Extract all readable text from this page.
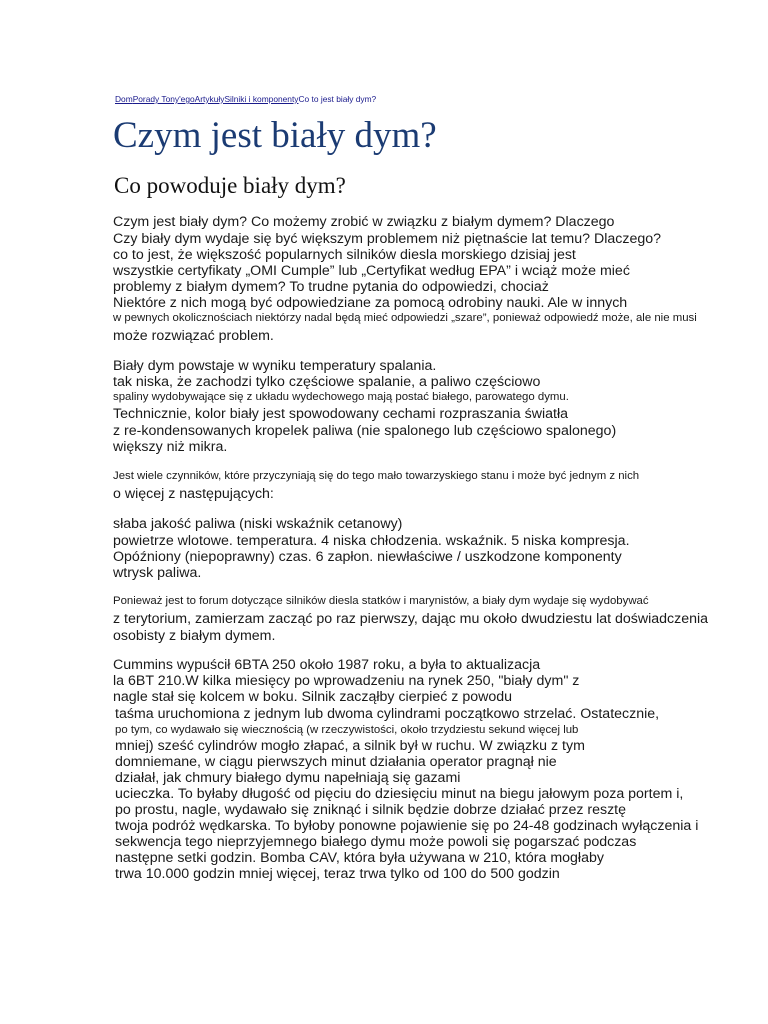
DomPorady Tony'egoArtykułySilniki i komponentyCo to jest biały dym?
Czym jest biały dym?
Co powoduje biały dym?
Czym jest biały dym? Co możemy zrobić w związku z białym dymem? Dlaczego
Czy biały dym wydaje się być większym problemem niż piętnaście lat temu? Dlaczego?
co to jest, że większość popularnych silników diesla morskiego dzisiaj jest
wszystkie certyfikaty „OMI Cumple” lub „Certyfikat według EPA” i wciąż może mieć
problemy z białym dymem? To trudne pytania do odpowiedzi, chociaż
Niektóre z nich mogą być odpowiedziane za pomocą odrobiny nauki. Ale w innych
w pewnych okolicznościach niektórzy nadal będą mieć odpowiedzi „szare”, ponieważ odpowiedź może, ale nie musi
może rozwiązać problem.
Biały dym powstaje w wyniku temperatury spalania.
tak niska, że zachodzi tylko częściowe spalanie, a paliwo częściowo
spaliny wydobywające się z układu wydechowego mają postać białego, parowatego dymu.
Technicznie, kolor biały jest spowodowany cechami rozpraszania światła
z re-kondensowanych kropelek paliwa (nie spalonego lub częściowo spalonego)
większy niż mikra.
Jest wiele czynników, które przyczyniają się do tego mało towarzyskiego stanu i może być jednym z nich
o więcej z następujących:
słaba jakość paliwa (niski wskaźnik cetanowy)
powietrze wlotowe. temperatura. 4 niska chłodzenia. wskaźnik. 5 niska kompresja.
Opóźniony (niepoprawny) czas. 6 zapłon. niewłaściwe / uszkodzone komponenty
wtrysk paliwa.
Ponieważ jest to forum dotyczące silników diesla statków i marynistów, a biały dym wydaje się wydobywać
z terytorium, zamierzam zacząć po raz pierwszy, dając mu około dwudziestu lat doświadczenia
osobisty z białym dymem.
Cummins wypuścił 6BTA 250 około 1987 roku, a była to aktualizacja
la 6BT 210.W kilka miesięcy po wprowadzeniu na rynek 250, "biały dym" z
nagle stał się kolcem w boku. Silnik zacząłby cierpieć z powodu
taśma uruchomiona z jednym lub dwoma cylindrami początkowo strzelać. Ostatecznie,
po tym, co wydawało się wiecznością (w rzeczywistości, około trzydziestu sekund więcej lub
mniej) sześć cylindrów mogło złapać, a silnik był w ruchu. W związku z tym
domniemane, w ciągu pierwszych minut działania operator pragnął nie
działał, jak chmury białego dymu napełniają się gazami
ucieczka. To byłaby długość od pięciu do dziesięciu minut na biegu jałowym poza portem i,
po prostu, nagle, wydawało się zniknąć i silnik będzie dobrze działać przez resztę
twoja podróż wędkarska. To byłoby ponowne pojawienie się po 24-48 godzinach wyłączenia i
sekwencja tego nieprzyjemnego białego dymu może powoli się pogarszać podczas
następne setki godzin. Bomba CAV, która była używana w 210, która mogłaby
trwa 10.000 godzin mniej więcej, teraz trwa tylko od 100 do 500 godzin
